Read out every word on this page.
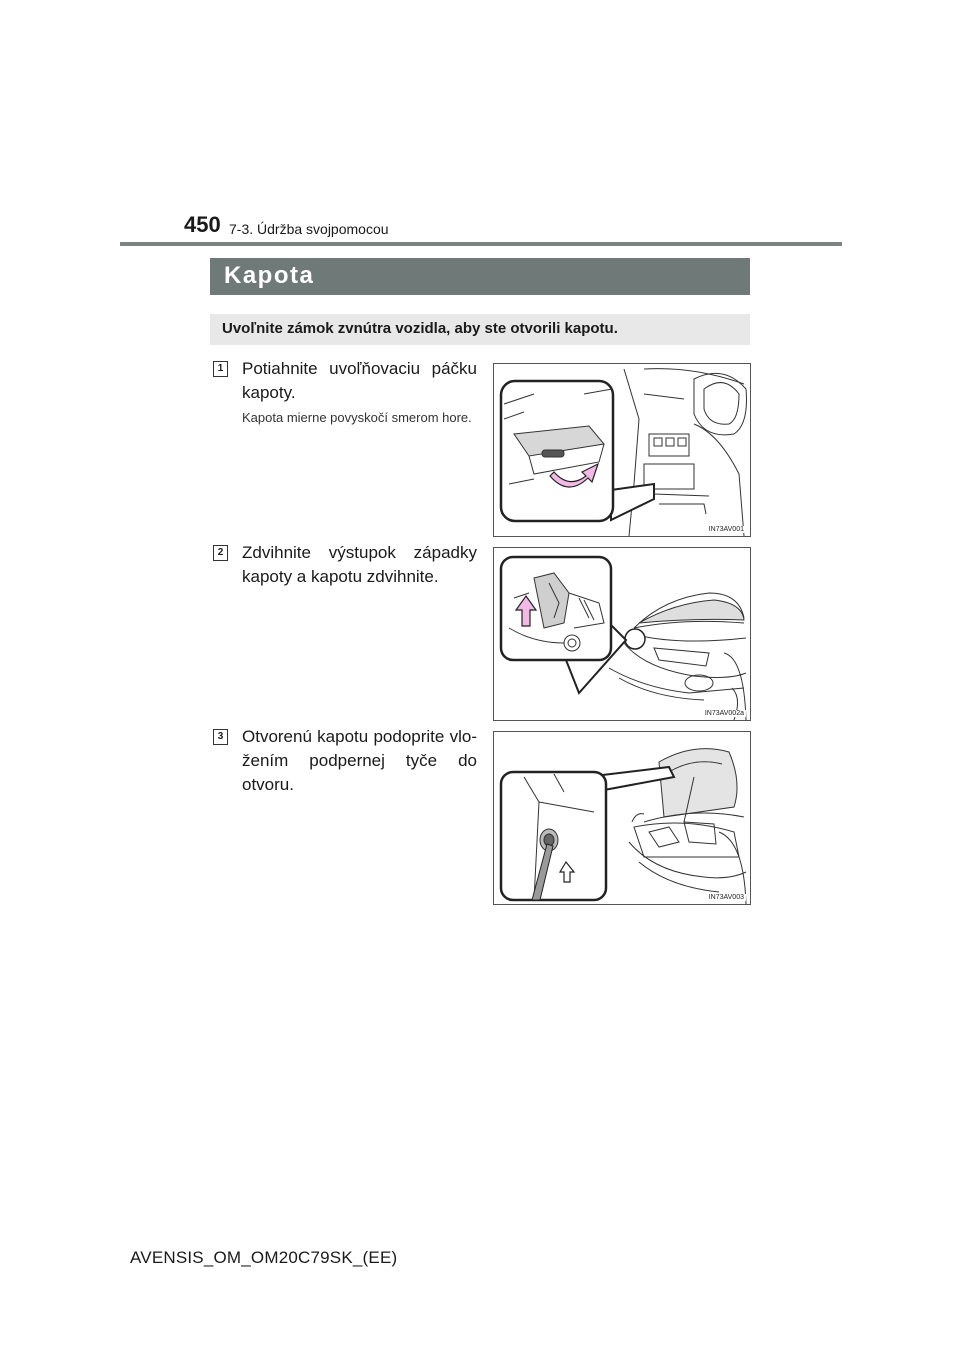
450 7-3. Údržba svojpomocou
Kapota
Uvoľnite zámok zvnútra vozidla, aby ste otvorili kapotu.
1 Potiahnite uvoľňovaciu páčku kapoty.
Kapota mierne povyskočí smerom hore.
IN73AV001
2 Zdvihnite výstupok západky kapoty a kapotu zdvihnite.
IN73AV002a
3 Otvorenú kapotu podoprite vlo-žením podpernej tyče do otvoru.
IN73AV003
AVENSIS_OM_OM20C79SK_(EE)
